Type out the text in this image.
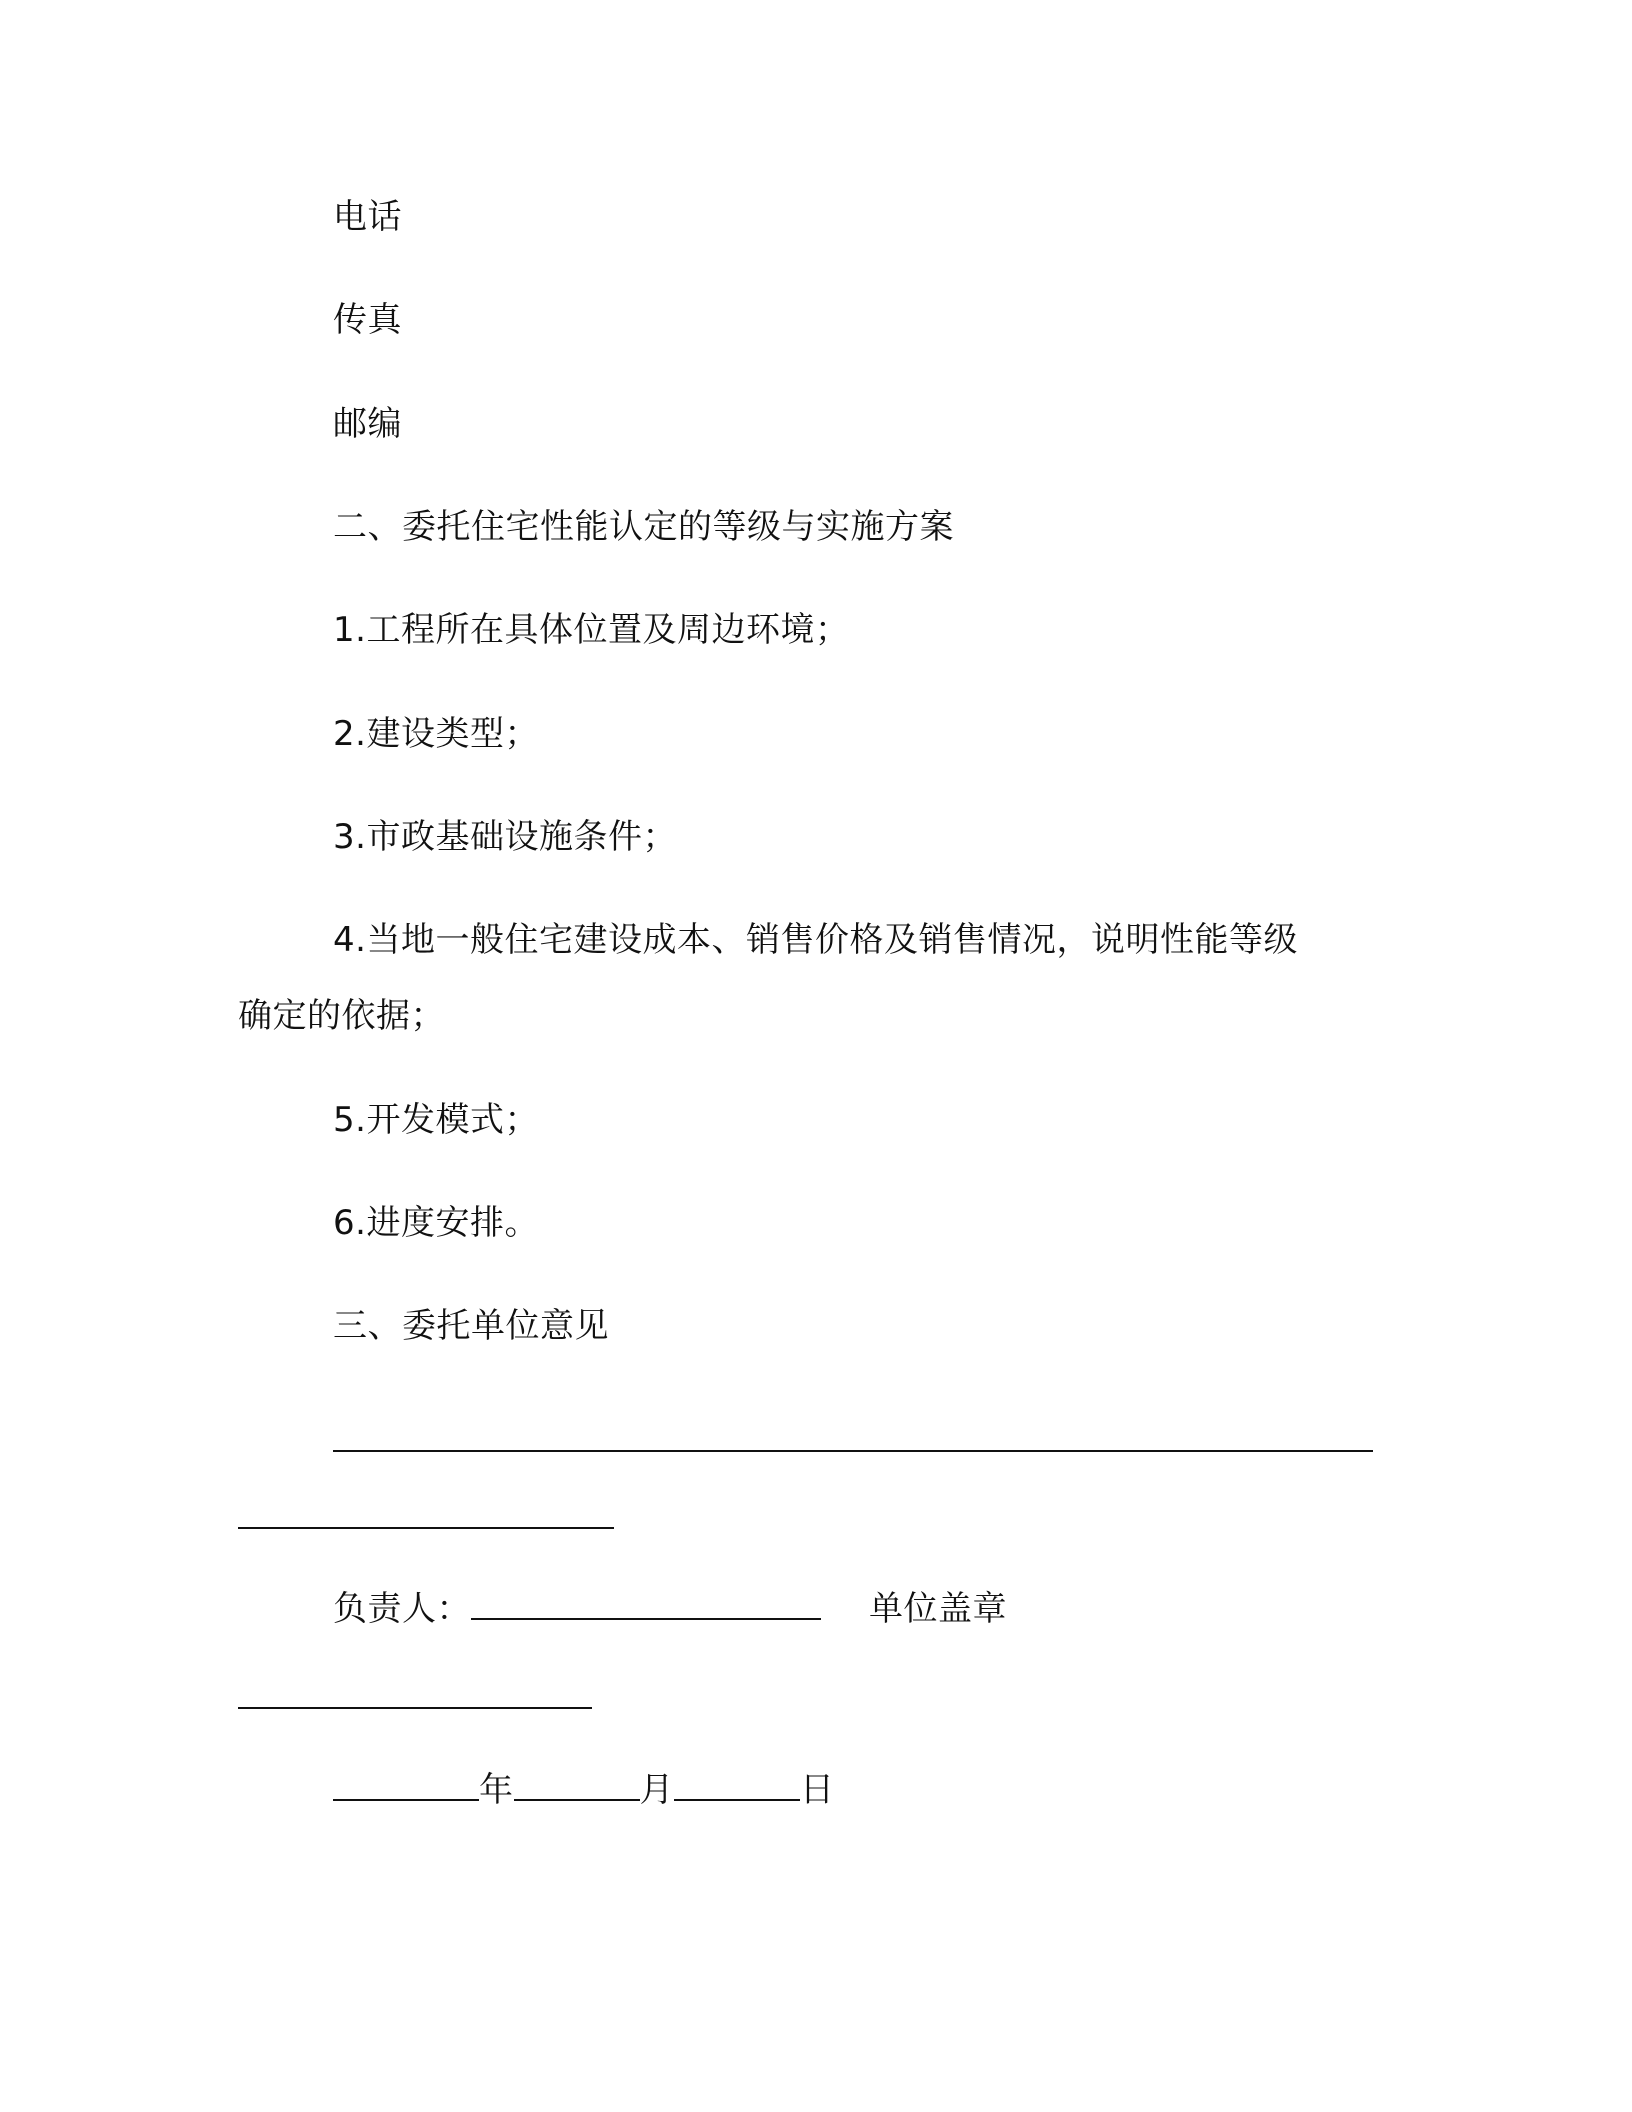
电话
传真
邮编
二、委托住宅性能认定的等级与实施方案
1.工程所在具体位置及周边环境；
2.建设类型；
3.市政基础设施条件；
4.当地一般住宅建设成本、销售价格及销售情况，说明性能等级
确定的依据；
5.开发模式；
6.进度安排。
三、委托单位意见
负责人：	单位盖章
年	月	日
